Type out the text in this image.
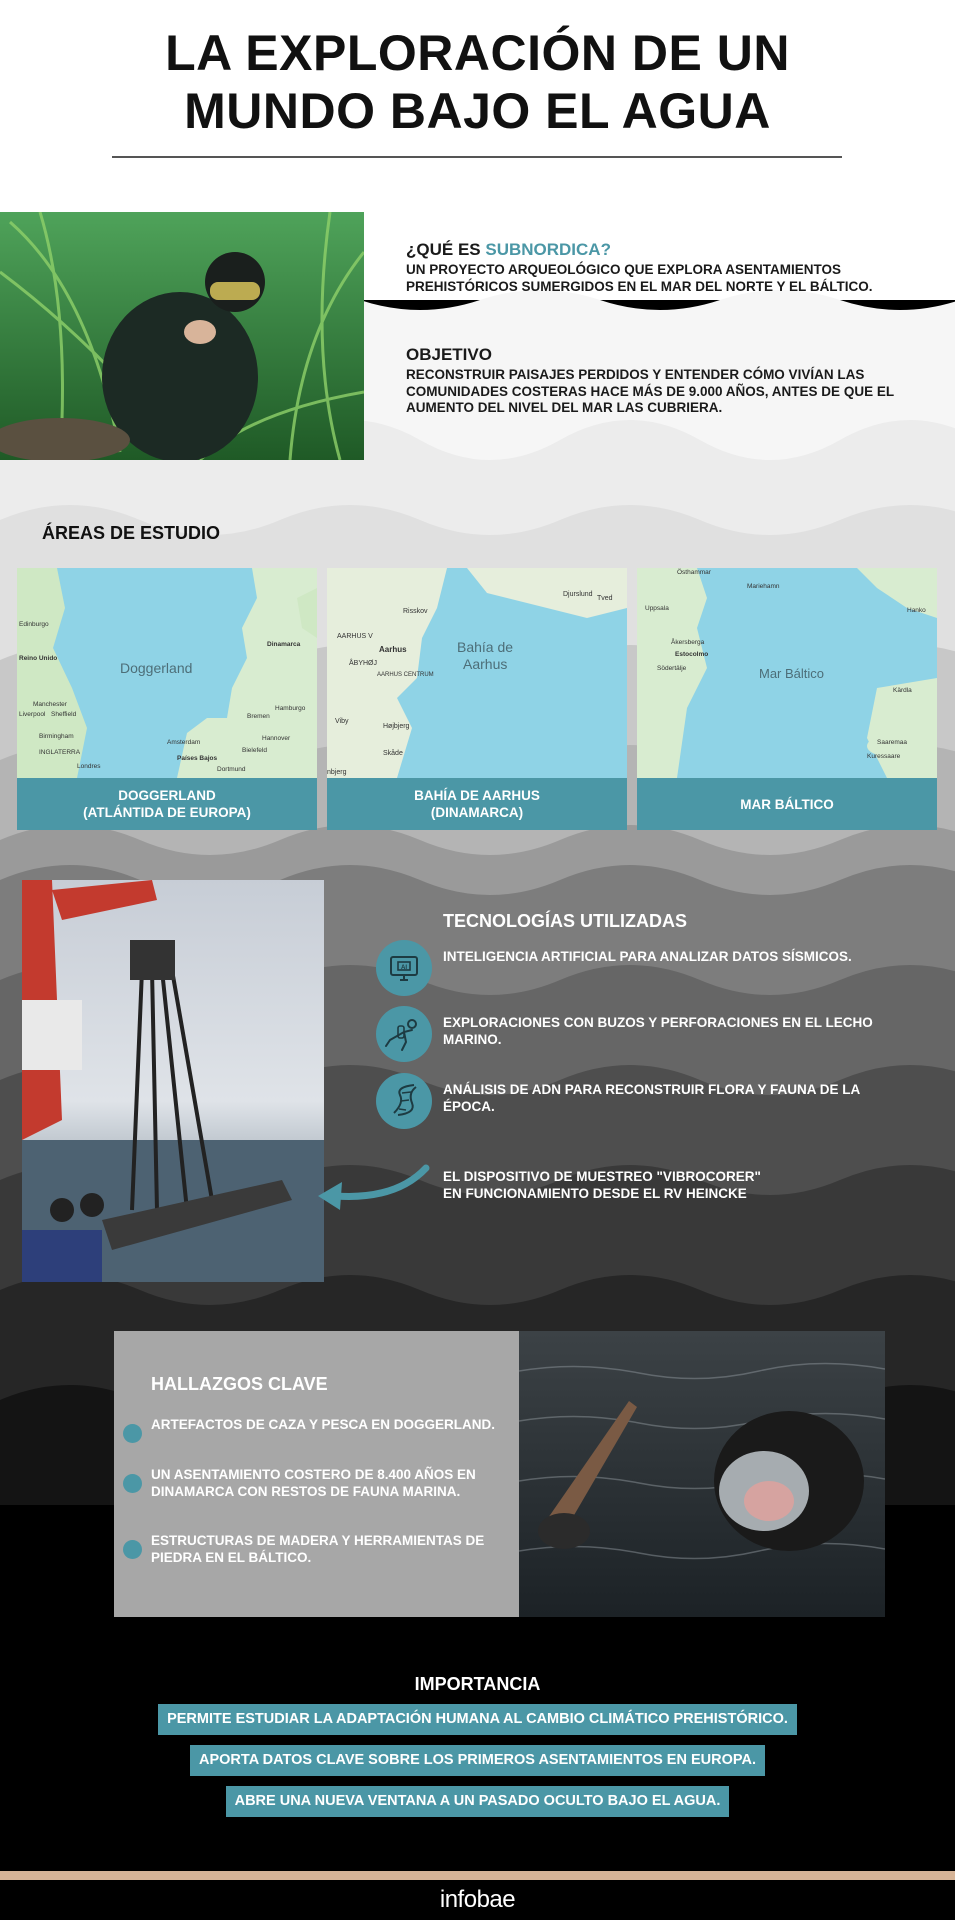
LA EXPLORACIÓN DE UN
MUNDO BAJO EL AGUA
¿QUÉ ES SUBNORDICA?

UN PROYECTO ARQUEOLÓGICO QUE EXPLORA ASENTAMIENTOS PREHISTÓRICOS SUMERGIDOS EN EL MAR DEL NORTE Y EL BÁLTICO.

OBJETIVO

RECONSTRUIR PAISAJES PERDIDOS Y ENTENDER CÓMO VIVÍAN LAS COMUNIDADES COSTERAS HACE MÁS DE 9.000 AÑOS, ANTES DE QUE EL AUMENTO DEL NIVEL DEL MAR LAS CUBRIERA.

ÁREAS DE ESTUDIO
Doggerland
Edinburgo
Reino Unido
Manchester
Liverpool Sheffield
Birmingham
INGLATERRA
Londres
Amsterdam
Países Bajos
Dinamarca
Hamburgo
Bremen
Hannover
Bielefeld
Dortmund
DOGGERLAND
(ATLÁNTIDA DE EUROPA)
Bahía de Aarhus
Risskov
AARHUS V
Aarhus
ÅBYHØJ
AARHUS CENTRUM
Viby
Højbjerg
Skåde
Djurslund
Tved
nbjerg
BAHÍA DE AARHUS
(DINAMARCA)
Mar Báltico
Östhammar
Mariehamn
Uppsala	Hanko
Åkersberga
Estocolmo
Södertälje
Kärdla
Saaremaa
Kuressaare
MAR BÁLTICO
TECNOLOGÍAS UTILIZADAS
AI
INTELIGENCIA ARTIFICIAL PARA ANALIZAR DATOS SÍSMICOS.
EXPLORACIONES CON BUZOS Y PERFORACIONES EN EL LECHO MARINO.
ANÁLISIS DE ADN PARA RECONSTRUIR FLORA Y FAUNA DE LA ÉPOCA.
EL DISPOSITIVO DE MUESTREO "VIBROCORER"
EN FUNCIONAMIENTO DESDE EL RV HEINCKE
HALLAZGOS CLAVE
ARTEFACTOS DE CAZA Y PESCA EN DOGGERLAND.
UN ASENTAMIENTO COSTERO DE 8.400 AÑOS EN DINAMARCA CON RESTOS DE FAUNA MARINA.
ESTRUCTURAS DE MADERA Y HERRAMIENTAS DE PIEDRA EN EL BÁLTICO.
IMPORTANCIA
PERMITE ESTUDIAR LA ADAPTACIÓN HUMANA AL CAMBIO CLIMÁTICO PREHISTÓRICO.
APORTA DATOS CLAVE SOBRE LOS PRIMEROS ASENTAMIENTOS EN EUROPA.
ABRE UNA NUEVA VENTANA A UN PASADO OCULTO BAJO EL AGUA.
infobae
